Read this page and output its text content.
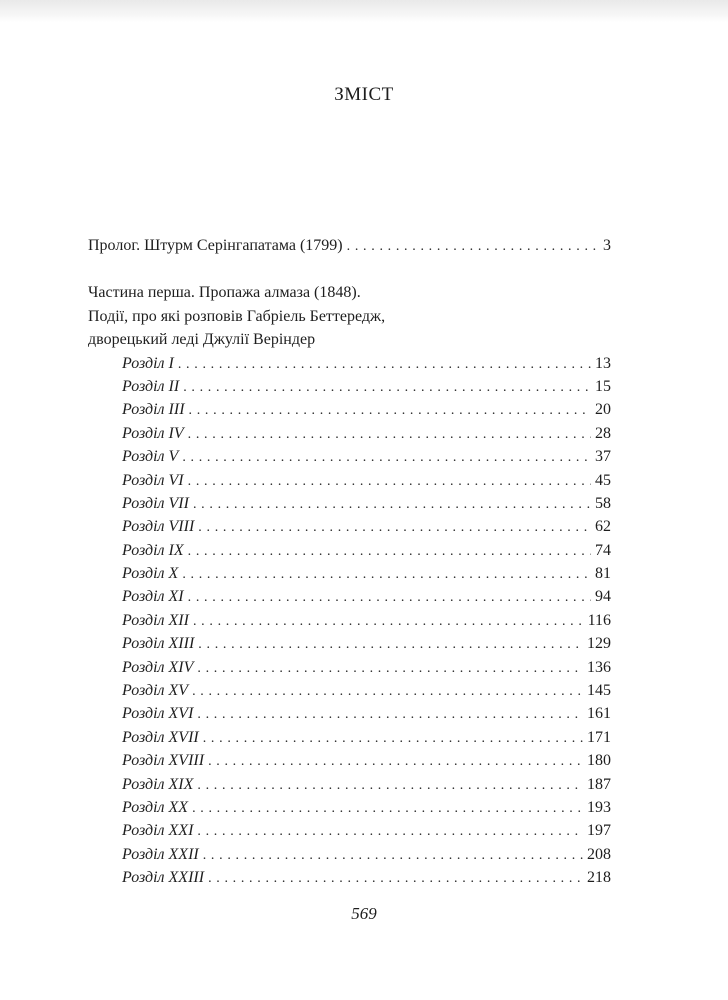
ЗМІСТ
Пролог. Штурм Серінгапатама (1799) . . .	3
Частина перша. Пропажа алмаза (1848).
Події, про які розповів Габріель Беттередж,
дворецький леді Джулії Веріндер
Розділ I . . .	13
Розділ II . . .	15
Розділ III . . .	20
Розділ IV . . .	28
Розділ V . . .	37
Розділ VI . . .	45
Розділ VII . . .	58
Розділ VIII . . .	62
Розділ IX . . .	74
Розділ X . . .	81
Розділ XI . . .	94
Розділ XII . . .	116
Розділ XIII . . .	129
Розділ XIV . . .	136
Розділ XV . . .	145
Розділ XVI . . .	161
Розділ XVII . . .	171
Розділ XVIII . . .	180
Розділ XIX . . .	187
Розділ XX . . .	193
Розділ XXI . . .	197
Розділ XXII . . .	208
Розділ XXIII . . .	218
569
